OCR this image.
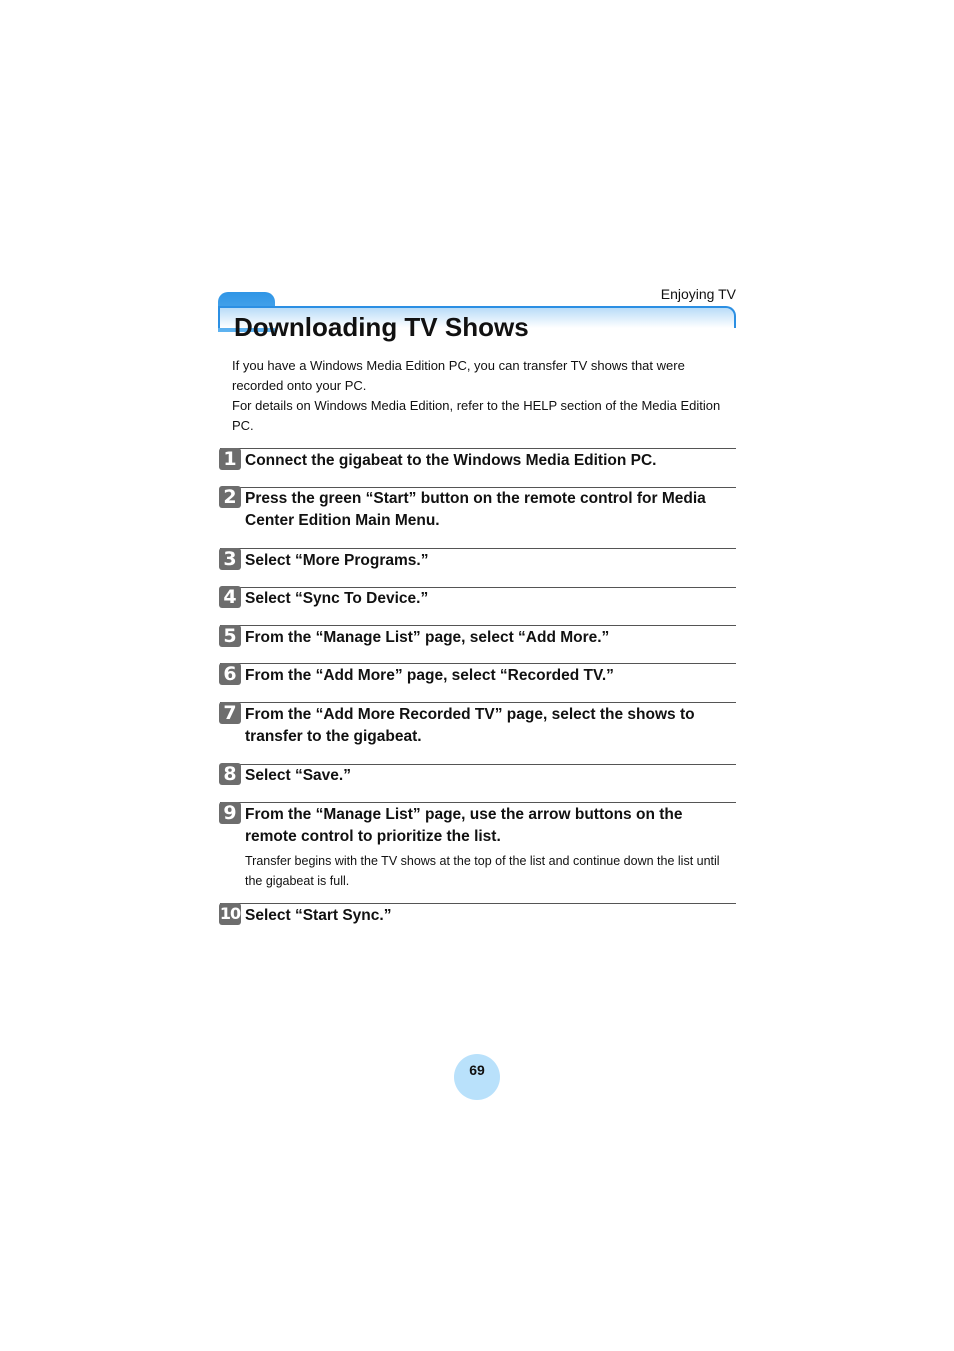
Enjoying TV
Downloading TV Shows

If you have a Windows Media Edition PC, you can transfer TV shows that were recorded onto your PC.

For details on Windows Media Edition, refer to the HELP section of the Media Edition PC.

1 Connect the gigabeat to the Windows Media Edition PC.
2 Press the green “Start” button on the remote control for Media Center Edition Main Menu.
3 Select “More Programs.”
4 Select “Sync To Device.”
5 From the “Manage List” page, select “Add More.”
6 From the “Add More” page, select “Recorded TV.”
7 From the “Add More Recorded TV” page, select the shows to transfer to the gigabeat.
8 Select “Save.”
9 From the “Manage List” page, use the arrow buttons on the remote control to prioritize the list.
Transfer begins with the TV shows at the top of the list and continue down the list until the gigabeat is full.
10 Select “Start Sync.”
69
